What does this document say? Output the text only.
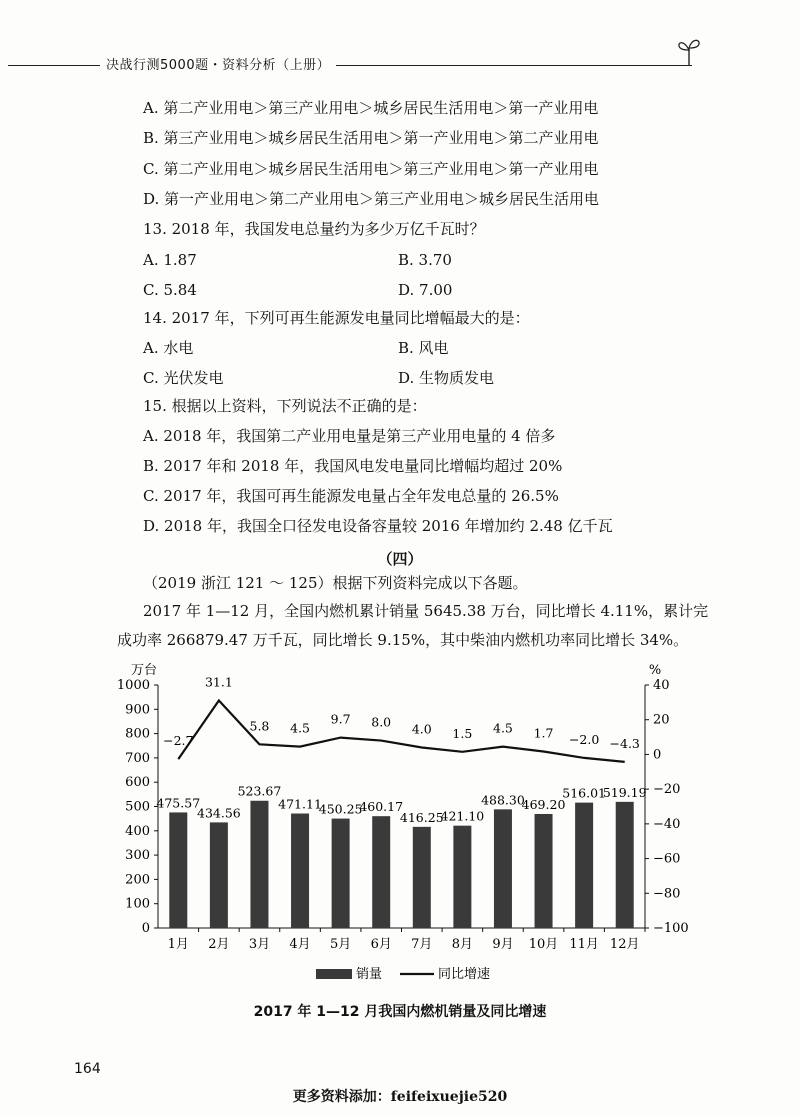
决战行测5000题・资料分析（上册）
A. 第二产业用电＞第三产业用电＞城乡居民生活用电＞第一产业用电
B. 第三产业用电＞城乡居民生活用电＞第一产业用电＞第二产业用电
C. 第二产业用电＞城乡居民生活用电＞第三产业用电＞第一产业用电
D. 第一产业用电＞第二产业用电＞第三产业用电＞城乡居民生活用电
13. 2018 年，我国发电总量约为多少万亿千瓦时？
A. 1.87	B. 3.70
C. 5.84	D. 7.00
14. 2017 年，下列可再生能源发电量同比增幅最大的是：
A. 水电	B. 风电
C. 光伏发电	D. 生物质发电
15. 根据以上资料，下列说法不正确的是：
A. 2018 年，我国第二产业用电量是第三产业用电量的 4 倍多
B. 2017 年和 2018 年，我国风电发电量同比增幅均超过 20%
C. 2017 年，我国可再生能源发电量占全年发电总量的 26.5%
D. 2018 年，我国全口径发电设备容量较 2016 年增加约 2.48 亿千瓦
（四）
（2019 浙江 121 ～ 125）根据下列资料完成以下各题。
2017 年 1—12 月，全国内燃机累计销量 5645.38 万台，同比增长 4.11%，累计完
成功率 266879.47 万千瓦，同比增长 9.15%，其中柴油内燃机功率同比增长 34%。
万台	%
0
100
200
300
400
500
600
700
800
900
1000
−100
−80
−60
−40
−20
0
20
40
1月 2月 3月 4月 5月 6月 7月 8月 9月 10月 11月 12月
475.57
434.56
523.67
471.11
450.25
460.17
416.25
421.10
488.30
469.20
516.01
519.19
−2.7
31.1
5.8 4.5
9.7 8.0 4.0 1.5 4.5 1.7 −2.0 −4.3
销量	同比增速
2017 年 1—12 月我国内燃机销量及同比增速
164
更多资料添加：feifeixuejie520
